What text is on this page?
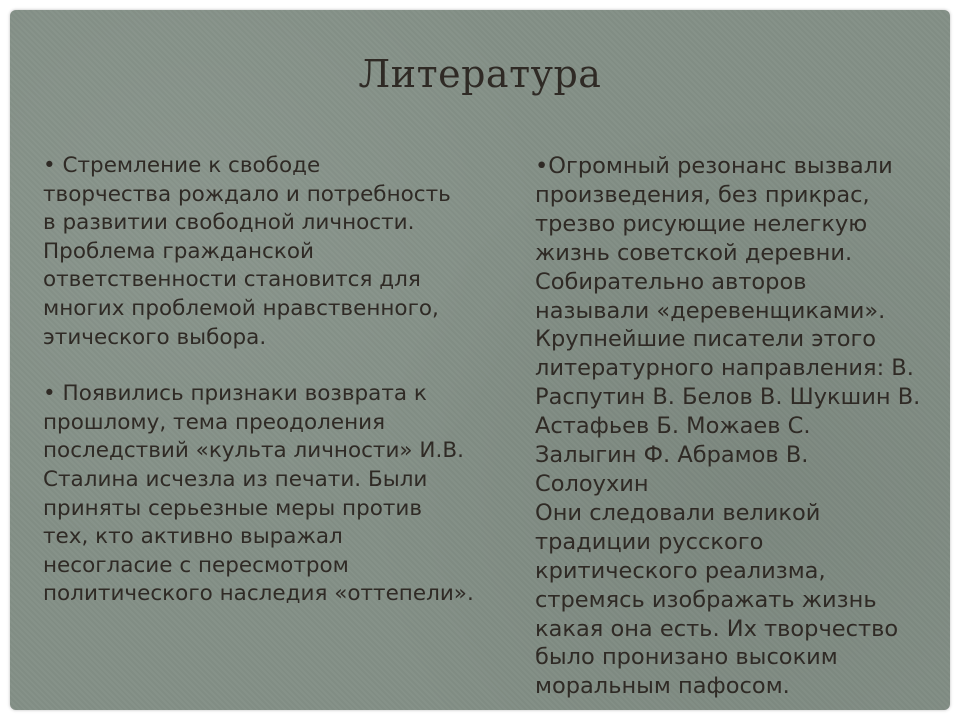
Литература

• Стремление к свободе
творчества рождало и потребность
в развитии свободной личности.
Проблема гражданской
ответственности становится для
многих проблемой нравственного,
этического выбора.

• Появились признаки возврата к
прошлому, тема преодоления
последствий «культа личности» И.В.
Сталина исчезла из печати. Были
приняты серьезные меры против
тех, кто активно выражал
несогласие с пересмотром
политического наследия «оттепели».

•Огромный резонанс вызвали
произведения, без прикрас,
трезво рисующие нелегкую
жизнь советской деревни.
Собирательно авторов
называли «деревенщиками».
Крупнейшие писатели этого
литературного направления: В.
Распутин В. Белов В. Шукшин В.
Астафьев Б. Можаев С.
Залыгин Ф. Абрамов В.
Солоухин
Они следовали великой
традиции русского
критического реализма,
стремясь изображать жизнь
какая она есть. Их творчество
было пронизано высоким
моральным пафосом.
